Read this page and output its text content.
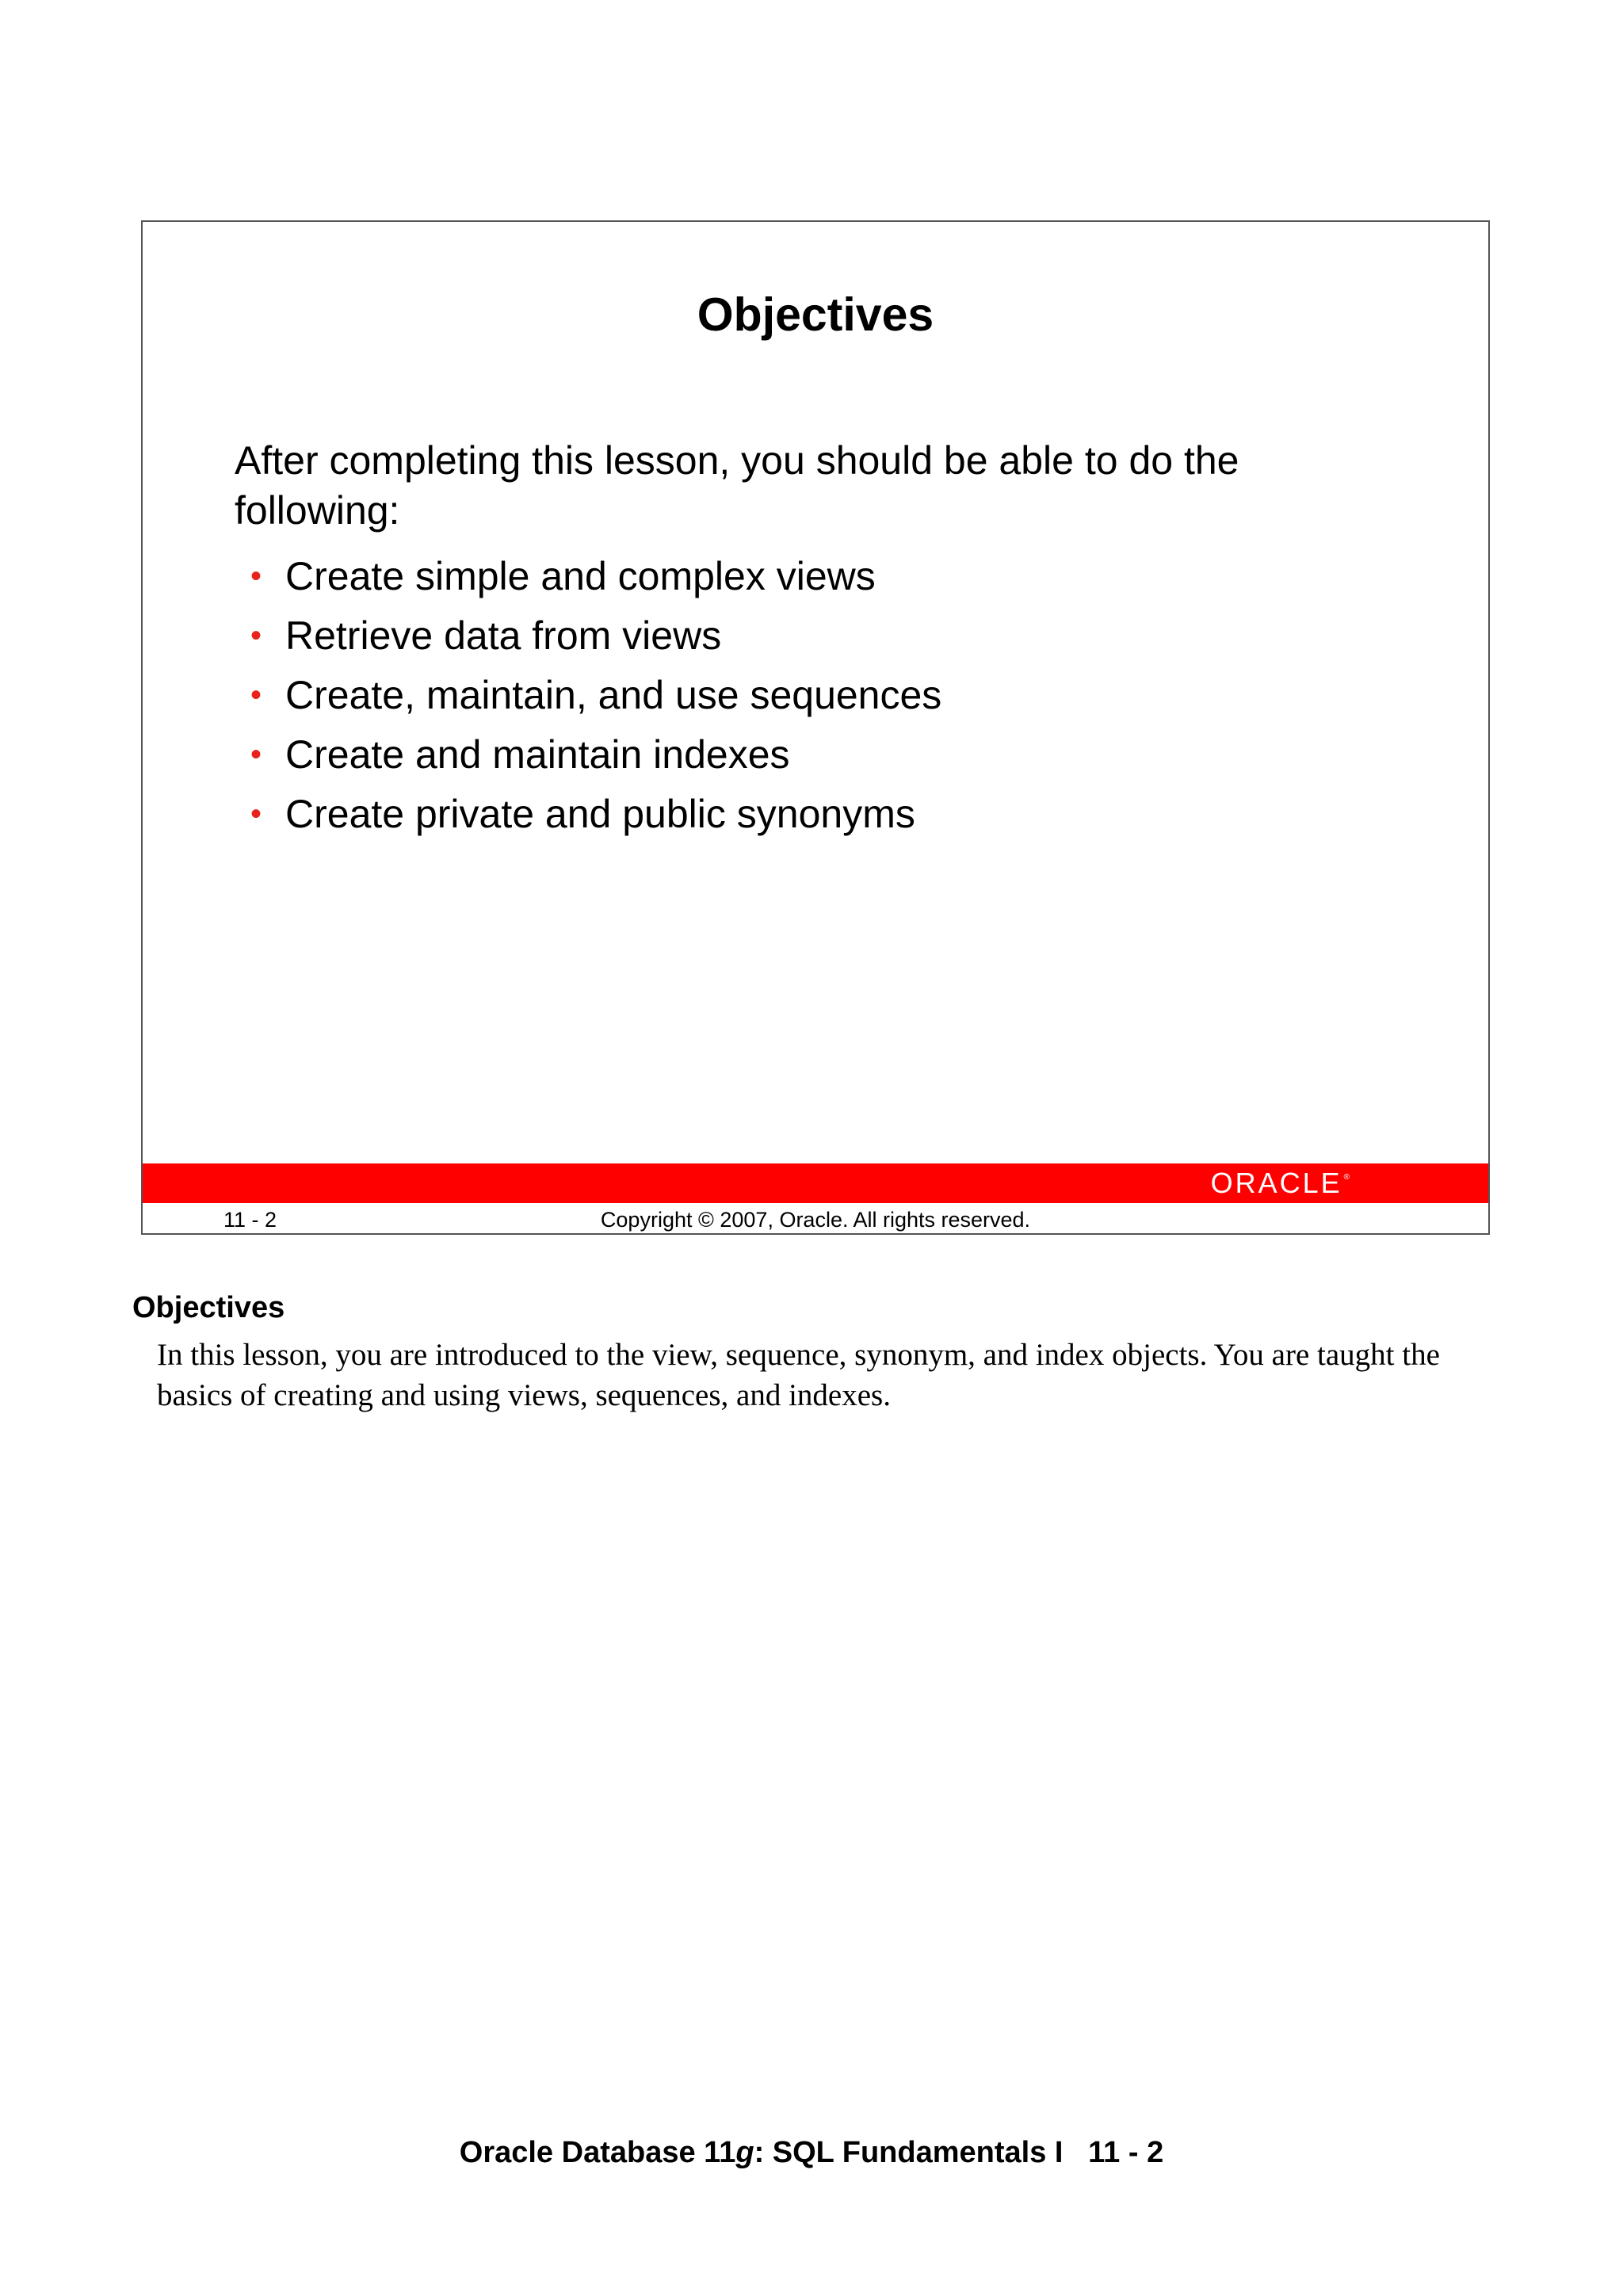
Objectives
After completing this lesson, you should be able to do the following:
• Create simple and complex views
• Retrieve data from views
• Create, maintain, and use sequences
• Create and maintain indexes
• Create private and public synonyms
ORACLE ®
11 - 2	Copyright © 2007, Oracle. All rights reserved.
Objectives
In this lesson, you are introduced to the view, sequence, synonym, and index objects. You are taught the basics of creating and using views, sequences, and indexes.
Oracle Database 11g: SQL Fundamentals I   11 - 2
